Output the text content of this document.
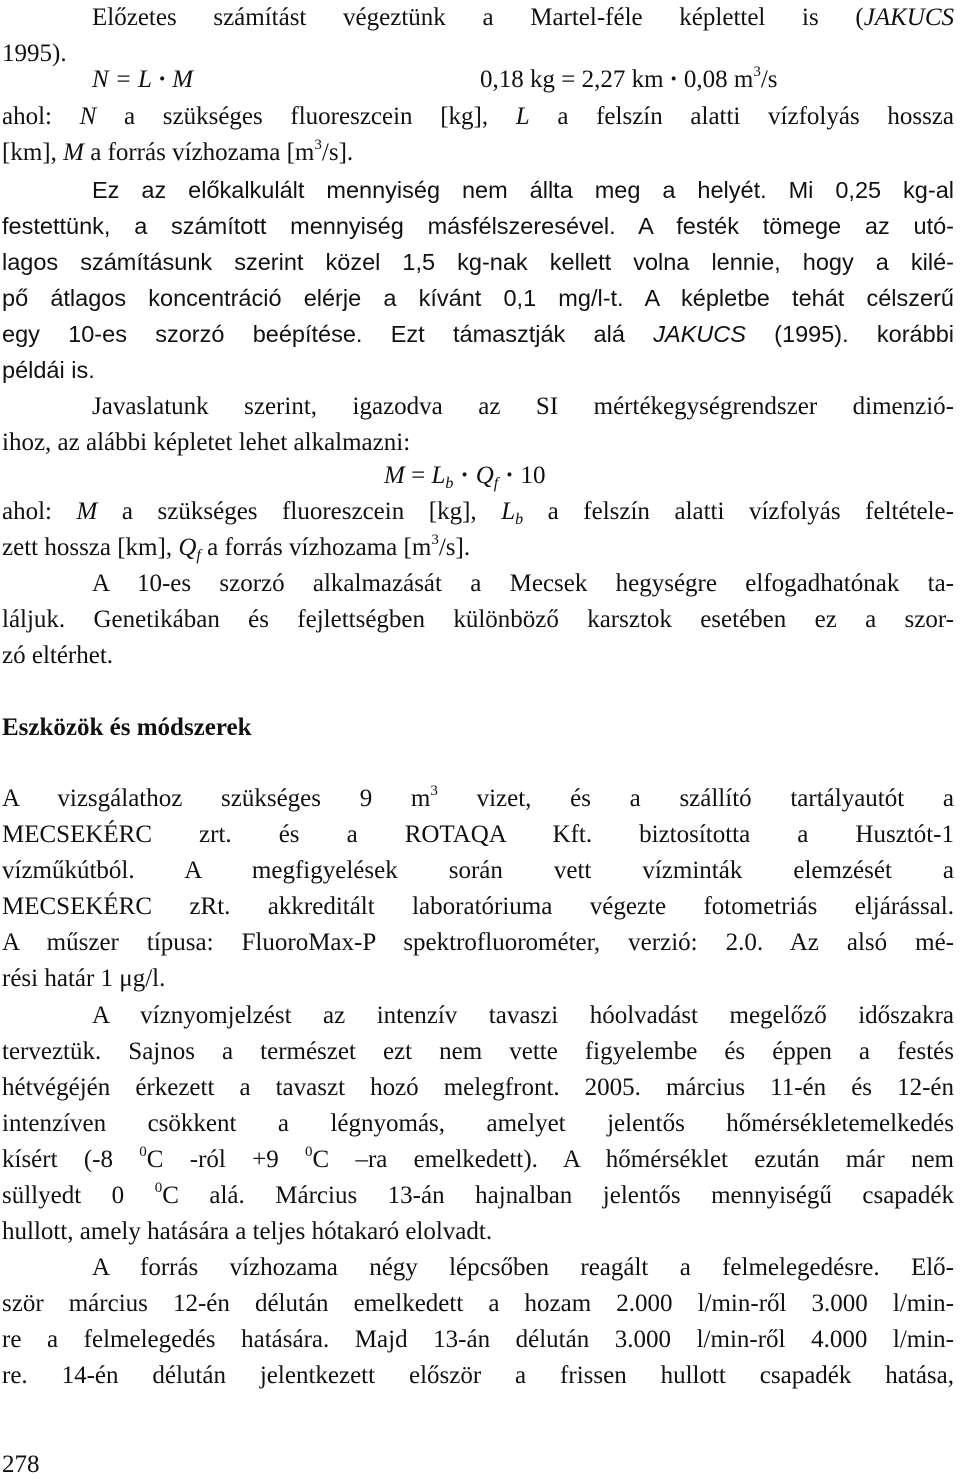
Előzetes számítást végeztünk a Martel-féle képlettel is (JAKUCS
1995).
N = L · M	0,18 kg = 2,27 km · 0,08 $m^3/s$
ahol: N a szükséges fluoreszcein [kg], L a felszín alatti vízfolyás hossza
[km], M a forrás vízhozama $[m^3/s]$.
Ez az előkalkulált mennyiség nem állta meg a helyét. Mi 0,25 kg-al
festettünk, a számított mennyiség másfélszeresével. A festék tömege az utó-
lagos számításunk szerint közel 1,5 kg-nak kellett volna lennie, hogy a kilé-
pő átlagos koncentráció elérje a kívánt 0,1 mg/l-t. A képletbe tehát célszerű
egy 10-es szorzó beépítése. Ezt támasztják alá JAKUCS (1995). korábbi
példái is.
Javaslatunk szerint, igazodva az SI mértékegységrendszer dimenzió-
ihoz, az alábbi képletet lehet alkalmazni:
$M = L_b \cdot Q_f \cdot 10$
ahol: M a szükséges fluoreszcein [kg], $L_b$ a felszín alatti vízfolyás feltétele-
zett hossza [km], $Q_f$ a forrás vízhozama $[m^3/s]$.
A 10-es szorzó alkalmazását a Mecsek hegységre elfogadhatónak ta-
láljuk. Genetikában és fejlettségben különböző karsztok esetében ez a szor-
zó eltérhet.
Eszközök és módszerek
A vizsgálathoz szükséges 9 $m^3$ vizet, és a szállító tartályautót a
MECSEKÉRC zrt. és a ROTAQA Kft. biztosította a Husztót-1
vízműkútból. A megfigyelések során vett vízminták elemzését a
MECSEKÉRC zRt. akkreditált laboratóriuma végezte fotometriás eljárással.
A műszer típusa: FluoroMax-P spektrofluorométer, verzió: 2.0. Az alsó mé-
rési határ 1 μg/l.
A víznyomjelzést az intenzív tavaszi hóolvadást megelőző időszakra
terveztük. Sajnos a természet ezt nem vette figyelembe és éppen a festés
hétvégéjén érkezett a tavaszt hozó melegfront. 2005. március 11-én és 12-én
intenzíven csökkent a légnyomás, amelyet jelentős hőmérsékletemelkedés
kísért (-8 $^0$C -ról +9 $^0$C –ra emelkedett). A hőmérséklet ezután már nem
süllyedt 0 $^0$C alá. Március 13-án hajnalban jelentős mennyiségű csapadék
hullott, amely hatására a teljes hótakaró elolvadt.
A forrás vízhozama négy lépcsőben reagált a felmelegedésre. Elő-
ször március 12-én délután emelkedett a hozam 2.000 l/min-ről 3.000 l/min-
re a felmelegedés hatására. Majd 13-án délután 3.000 l/min-ről 4.000 l/min-
re. 14-én délután jelentkezett először a frissen hullott csapadék hatása,
278
